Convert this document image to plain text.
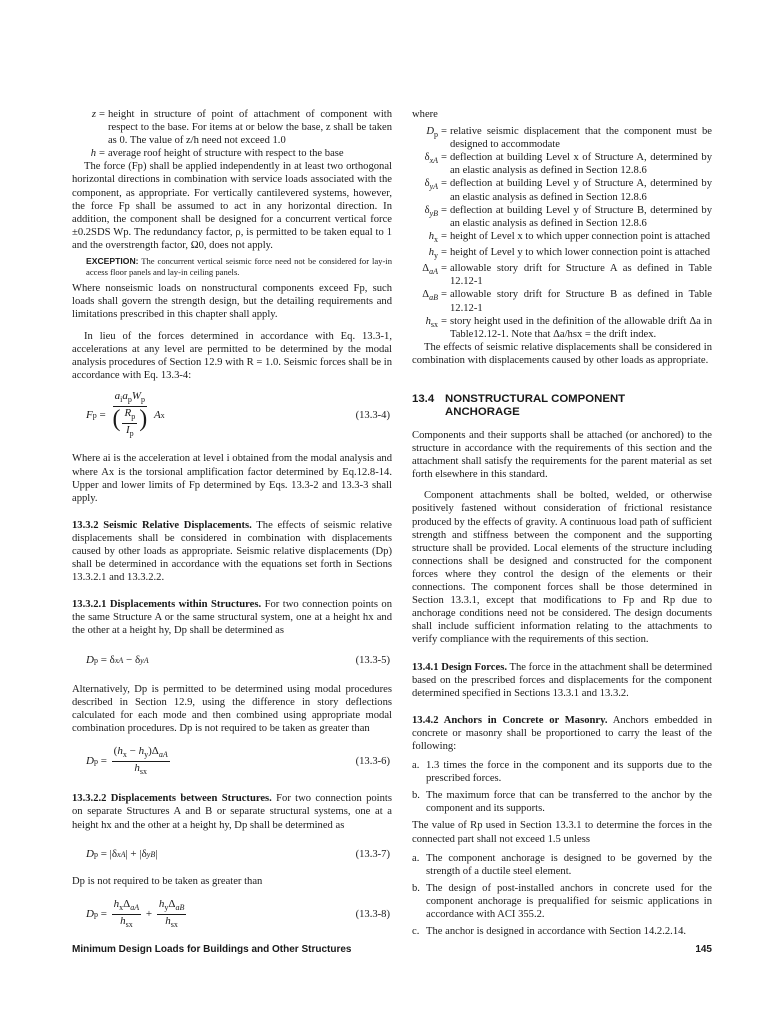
z = height in structure of point of attachment of component with respect to the base. For items at or below the base, z shall be taken as 0. The value of z/h need not exceed 1.0
h = average roof height of structure with respect to the base

The force (Fp) shall be applied independently in at least two orthogonal horizontal directions in combination with service loads associated with the component, as appropriate. For vertically cantilevered systems, however, the force Fp shall be assumed to act in any horizontal direction. In addition, the component shall be designed for a concurrent vertical force ±0.2SDS Wp. The redundancy factor, ρ, is permitted to be taken equal to 1 and the overstrength factor, Ω0, does not apply.

EXCEPTION: The concurrent vertical seismic force need not be considered for lay-in access floor panels and lay-in ceiling panels.

Where nonseismic loads on nonstructural components exceed Fp, such loads shall govern the strength design, but the detailing requirements and limitations prescribed in this chapter shall apply.

In lieu of the forces determined in accordance with Eq. 13.3-1, accelerations at any level are permitted to be determined by the modal analysis procedures of Section 12.9 with R = 1.0. Seismic forces shall be in accordance with Eq. 13.3-4:

F $p = \frac{a_ia_pW_p}{( \frac{R_p}{I_p} )}$
A x	(13.3-4)

Where ai is the acceleration at level i obtained from the modal analysis and where Ax is the torsional amplification factor determined by Eq.12.8-14. Upper and lower limits of Fp determined by Eqs. 13.3-2 and 13.3-3 shall apply.

13.3.2 Seismic Relative Displacements. The effects of seismic relative displacements shall be considered in combination with displacements caused by other loads as appropriate. Seismic relative displacements (Dp) shall be determined in accordance with the equations set forth in Sections 13.3.2.1 and 13.3.2.2.

13.3.2.1 Displacements within Structures. For two connection points on the same Structure A or the same structural system, one at a height hx and the other at a height hy, Dp shall be determined as

D p = δ xA − δ yA	(13.3-5)

Alternatively, Dp is permitted to be determined using modal procedures described in Section 12.9, using the difference in story deflections calculated for each mode and then combined using appropriate modal combination procedures. Dp is not required to be taken as greater than

D $p = \frac{(h_x - h_y)\Delta_{aA}}{h_{sx}}$	(13.3-6)

13.3.2.2 Displacements between Structures. For two connection points on separate Structures A and B or separate structural systems, one at a height hx and the other at a height hy, Dp shall be determined as

D p = |δ xA | + |δ yB |	(13.3-7)

Dp is not required to be taken as greater than

D $p = \frac{h_x\Delta_{aA}}{h_{sx}} + \frac{h_y\Delta_{aB}}{h_{sx}}$	(13.3-8)

where

$D_p$ = relative seismic displacement that the component must be designed to accommodate
$\delta_{xA}$ = deflection at building Level x of Structure A, determined by an elastic analysis as defined in Section 12.8.6
$\delta_{yA}$ = deflection at building Level y of Structure A, determined by an elastic analysis as defined in Section 12.8.6
$\delta_{yB}$ = deflection at building Level y of Structure B, determined by an elastic analysis as defined in Section 12.8.6
$h_x$ = height of Level x to which upper connection point is attached
$h_y$ = height of Level y to which lower connection point is attached
$\Delta_{aA}$ = allowable story drift for Structure A as defined in Table 12.12-1
$\Delta_{aB}$ = allowable story drift for Structure B as defined in Table 12.12-1
$h_{sx}$ = story height used in the definition of the allowable drift Δa in Table12.12-1. Note that Δa/hsx = the drift index.

The effects of seismic relative displacements shall be considered in combination with displacements caused by other loads as appropriate.

13.4 NONSTRUCTURAL COMPONENT
ANCHORAGE

Components and their supports shall be attached (or anchored) to the structure in accordance with the requirements of this section and the attachment shall satisfy the requirements for the parent material as set forth elsewhere in this standard.

Component attachments shall be bolted, welded, or otherwise positively fastened without consideration of frictional resistance produced by the effects of gravity. A continuous load path of sufficient strength and stiffness between the component and the supporting structure shall be provided. Local elements of the structure including connections shall be designed and constructed for the component forces where they control the design of the elements or their connections. The component forces shall be those determined in Section 13.3.1, except that modifications to Fp and Rp due to anchorage conditions need not be considered. The design documents shall include sufficient information relating to the attachments to verify compliance with the requirements of this section.

13.4.1 Design Forces. The force in the attachment shall be determined based on the prescribed forces and displacements for the component determined specified in Sections 13.3.1 and 13.3.2.

13.4.2 Anchors in Concrete or Masonry. Anchors embedded in concrete or masonry shall be proportioned to carry the least of the following:

a. 1.3 times the force in the component and its supports due to the prescribed forces.
b. The maximum force that can be transferred to the anchor by the component and its supports.

The value of Rp used in Section 13.3.1 to determine the forces in the connected part shall not exceed 1.5 unless

a. The component anchorage is designed to be governed by the strength of a ductile steel element.
b. The design of post-installed anchors in concrete used for the component anchorage is prequalified for seismic applications in accordance with ACI 355.2.
c. The anchor is designed in accordance with Section 14.2.2.14.
Minimum Design Loads for Buildings and Other Structures	145
